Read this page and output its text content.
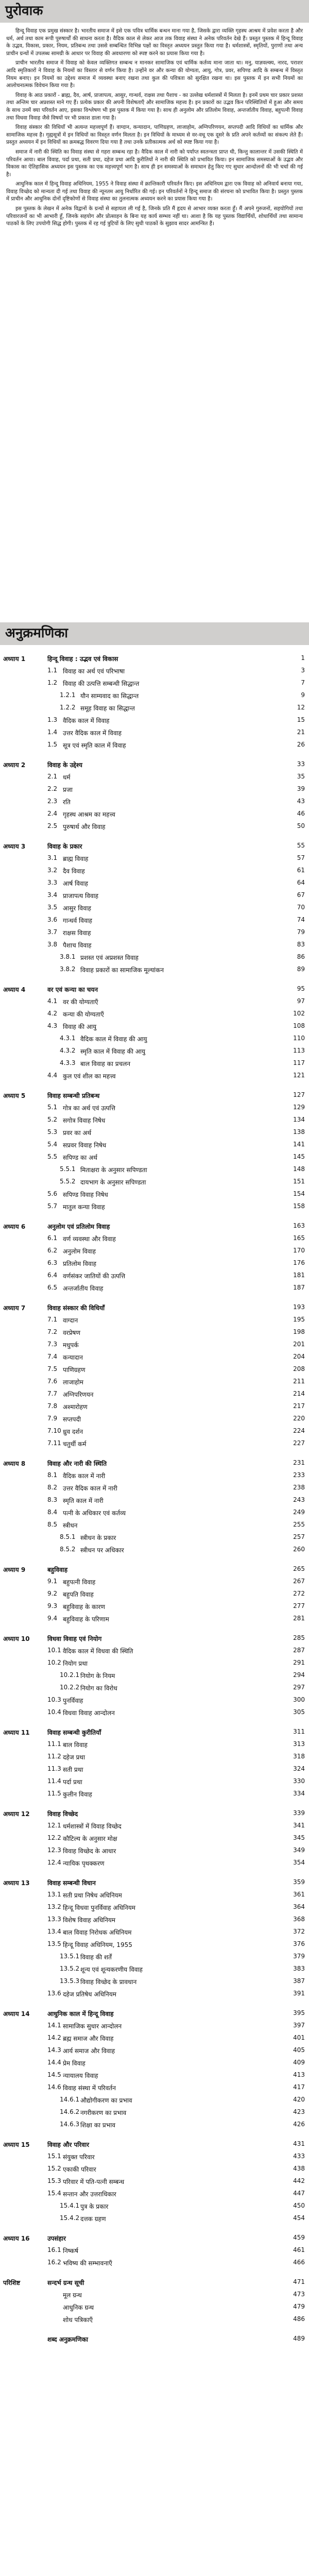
पुरोवाक

हिन्दू विवाह एक प्रमुख संस्कार है। भारतीय समाज में इसे एक पवित्र धार्मिक बन्धन माना गया है, जिसके द्वारा व्यक्ति गृहस्थ आश्रम में प्रवेश करता है और धर्म, अर्थ तथा काम रूपी पुरुषार्थों की साधना करता है। वैदिक काल से लेकर आज तक विवाह संस्था ने अनेक परिवर्तन देखे हैं। प्रस्तुत पुस्तक में हिन्दू विवाह के उद्भव, विकास, प्रकार, नियम, प्रतिबन्ध तथा उससे सम्बन्धित विभिन्न पक्षों का विस्तृत अध्ययन प्रस्तुत किया गया है। धर्मशास्त्रों, स्मृतियों, पुराणों तथा अन्य प्राचीन ग्रन्थों में उपलब्ध सामग्री के आधार पर विवाह की अवधारणा को स्पष्ट करने का प्रयास किया गया है।

प्राचीन भारतीय समाज में विवाह को केवल व्यक्तिगत सम्बन्ध न मानकर सामाजिक एवं धार्मिक कर्तव्य माना जाता था। मनु, याज्ञवल्क्य, नारद, पराशर आदि स्मृतिकारों ने विवाह के नियमों का विस्तार से वर्णन किया है। उन्होंने वर और कन्या की योग्यता, आयु, गोत्र, प्रवर, सपिण्ड आदि के सम्बन्ध में विस्तृत नियम बनाए। इन नियमों का उद्देश्य समाज में व्यवस्था बनाए रखना तथा कुल की पवित्रता को सुरक्षित रखना था। इस पुस्तक में इन सभी नियमों का आलोचनात्मक विवेचन किया गया है।

विवाह के आठ प्रकारों - ब्राह्म, दैव, आर्ष, प्राजापत्य, आसुर, गान्धर्व, राक्षस तथा पैशाच - का उल्लेख धर्मशास्त्रों में मिलता है। इनमें प्रथम चार प्रकार प्रशस्त तथा अन्तिम चार अप्रशस्त माने गए हैं। प्रत्येक प्रकार की अपनी विशेषताएँ और सामाजिक महत्त्व है। इन प्रकारों का उद्भव किन परिस्थितियों में हुआ और समय के साथ उनमें क्या परिवर्तन आए, इसका विश्लेषण भी इस पुस्तक में किया गया है। साथ ही अनुलोम और प्रतिलोम विवाह, अन्तर्जातीय विवाह, बहुपत्नी विवाह तथा विधवा विवाह जैसे विषयों पर भी प्रकाश डाला गया है।

विवाह संस्कार की विधियाँ भी अत्यन्त महत्त्वपूर्ण हैं। वाग्दान, कन्यादान, पाणिग्रहण, लाजाहोम, अग्निपरिणयन, सप्तपदी आदि विधियों का धार्मिक और सामाजिक महत्त्व है। गृह्यसूत्रों में इन विधियों का विस्तृत वर्णन मिलता है। इन विधियों के माध्यम से वर-वधू एक दूसरे के प्रति अपने कर्तव्यों का संकल्प लेते हैं। प्रस्तुत अध्ययन में इन विधियों का क्रमबद्ध विवरण दिया गया है तथा उनके प्रतीकात्मक अर्थ को स्पष्ट किया गया है।

समाज में नारी की स्थिति का विवाह संस्था से गहरा सम्बन्ध रहा है। वैदिक काल में नारी को पर्याप्त स्वतन्त्रता प्राप्त थी, किन्तु कालान्तर में उसकी स्थिति में परिवर्तन आया। बाल विवाह, पर्दा प्रथा, सती प्रथा, दहेज प्रथा आदि कुरीतियों ने नारी की स्थिति को प्रभावित किया। इन सामाजिक समस्याओं के उद्भव और विकास का ऐतिहासिक अध्ययन इस पुस्तक का एक महत्त्वपूर्ण भाग है। साथ ही इन समस्याओं के समाधान हेतु किए गए सुधार आन्दोलनों की भी चर्चा की गई है।

आधुनिक काल में हिन्दू विवाह अधिनियम, 1955 ने विवाह संस्था में क्रान्तिकारी परिवर्तन किए। इस अधिनियम द्वारा एक विवाह को अनिवार्य बनाया गया, विवाह विच्छेद को मान्यता दी गई तथा विवाह की न्यूनतम आयु निर्धारित की गई। इन परिवर्तनों ने हिन्दू समाज की संरचना को प्रभावित किया है। प्रस्तुत पुस्तक में प्राचीन और आधुनिक दोनों दृष्टिकोणों से विवाह संस्था का तुलनात्मक अध्ययन करने का प्रयास किया गया है।

इस पुस्तक के लेखन में अनेक विद्वानों के ग्रन्थों से सहायता ली गई है, जिनके प्रति मैं हृदय से आभार व्यक्त करता हूँ। मैं अपने गुरुजनों, सहयोगियों तथा परिवारजनों का भी आभारी हूँ, जिनके सहयोग और प्रोत्साहन के बिना यह कार्य सम्भव नहीं था। आशा है कि यह पुस्तक विद्यार्थियों, शोधार्थियों तथा सामान्य पाठकों के लिए उपयोगी सिद्ध होगी। पुस्तक में रह गई त्रुटियों के लिए सुधी पाठकों के सुझाव सादर आमन्त्रित हैं।

अनुक्रमणिका
अध्याय 1	हिन्दू विवाह : उद्भव एवं विकास	1
1.1 विवाह का अर्थ एवं परिभाषा	3
1.2 विवाह की उत्पत्ति सम्बन्धी सिद्धान्त	7
1.2.1 यौन साम्यवाद का सिद्धान्त	9
1.2.2 समूह विवाह का सिद्धान्त	12
1.3 वैदिक काल में विवाह	15
1.4 उत्तर वैदिक काल में विवाह	21
1.5 सूत्र एवं स्मृति काल में विवाह	26
अध्याय 2	विवाह के उद्देश्य	33
2.1 धर्म	35
2.2 प्रजा	39
2.3 रति	43
2.4 गृहस्थ आश्रम का महत्त्व	46
2.5 पुरुषार्थ और विवाह	50
अध्याय 3	विवाह के प्रकार	55
3.1 ब्राह्म विवाह	57
3.2 दैव विवाह	61
3.3 आर्ष विवाह	64
3.4 प्राजापत्य विवाह	67
3.5 आसुर विवाह	70
3.6 गान्धर्व विवाह	74
3.7 राक्षस विवाह	79
3.8 पैशाच विवाह	83
3.8.1 प्रशस्त एवं अप्रशस्त विवाह	86
3.8.2 विवाह प्रकारों का सामाजिक मूल्यांकन	89
अध्याय 4	वर एवं कन्या का चयन	95
4.1 वर की योग्यताएँ	97
4.2 कन्या की योग्यताएँ	102
4.3 विवाह की आयु	108
4.3.1 वैदिक काल में विवाह की आयु	110
4.3.2 स्मृति काल में विवाह की आयु	113
4.3.3 बाल विवाह का प्रचलन	117
4.4 कुल एवं शील का महत्त्व	121
अध्याय 5	विवाह सम्बन्धी प्रतिबन्ध	127
5.1 गोत्र का अर्थ एवं उत्पत्ति	129
5.2 सगोत्र विवाह निषेध	134
5.3 प्रवर का अर्थ	138
5.4 सप्रवर विवाह निषेध	141
5.5 सपिण्ड का अर्थ	145
5.5.1 मिताक्षरा के अनुसार सपिण्डता	148
5.5.2 दायभाग के अनुसार सपिण्डता	151
5.6 सपिण्ड विवाह निषेध	154
5.7 मातुल कन्या विवाह	158
अध्याय 6	अनुलोम एवं प्रतिलोम विवाह	163
6.1 वर्ण व्यवस्था और विवाह	165
6.2 अनुलोम विवाह	170
6.3 प्रतिलोम विवाह	176
6.4 वर्णसंकर जातियों की उत्पत्ति	181
6.5 अन्तर्जातीय विवाह	187
अध्याय 7	विवाह संस्कार की विधियाँ	193
7.1 वाग्दान	195
7.2 वरप्रेषण	198
7.3 मधुपर्क	201
7.4 कन्यादान	204
7.5 पाणिग्रहण	208
7.6 लाजाहोम	211
7.7 अग्निपरिणयन	214
7.8 अश्मारोहण	217
7.9 सप्तपदी	220
7.10 ध्रुव दर्शन	224
7.11 चतुर्थी कर्म	227
अध्याय 8	विवाह और नारी की स्थिति	231
8.1 वैदिक काल में नारी	233
8.2 उत्तर वैदिक काल में नारी	238
8.3 स्मृति काल में नारी	243
8.4 पत्नी के अधिकार एवं कर्तव्य	249
8.5 स्त्रीधन	255
8.5.1 स्त्रीधन के प्रकार	257
8.5.2 स्त्रीधन पर अधिकार	260
अध्याय 9	बहुविवाह	265
9.1 बहुपत्नी विवाह	267
9.2 बहुपति विवाह	272
9.3 बहुविवाह के कारण	277
9.4 बहुविवाह के परिणाम	281
अध्याय 10	विधवा विवाह एवं नियोग	285
10.1 वैदिक काल में विधवा की स्थिति	287
10.2 नियोग प्रथा	291
10.2.1 नियोग के नियम	294
10.2.2 नियोग का विरोध	297
10.3 पुनर्विवाह	300
10.4 विधवा विवाह आन्दोलन	305
अध्याय 11	विवाह सम्बन्धी कुरीतियाँ	311
11.1 बाल विवाह	313
11.2 दहेज प्रथा	318
11.3 सती प्रथा	324
11.4 पर्दा प्रथा	330
11.5 कुलीन विवाह	334
अध्याय 12	विवाह विच्छेद	339
12.1 धर्मशास्त्रों में विवाह विच्छेद	341
12.2 कौटिल्य के अनुसार मोक्ष	345
12.3 विवाह विच्छेद के आधार	349
12.4 न्यायिक पृथक्करण	354
अध्याय 13	विवाह सम्बन्धी विधान	359
13.1 सती प्रथा निषेध अधिनियम	361
13.2 हिन्दू विधवा पुनर्विवाह अधिनियम	364
13.3 विशेष विवाह अधिनियम	368
13.4 बाल विवाह निरोधक अधिनियम	372
13.5 हिन्दू विवाह अधिनियम, 1955	376
13.5.1 विवाह की शर्तें	379
13.5.2 शून्य एवं शून्यकरणीय विवाह	383
13.5.3 विवाह विच्छेद के प्रावधान	387
13.6 दहेज प्रतिषेध अधिनियम	391
अध्याय 14	आधुनिक काल में हिन्दू विवाह	395
14.1 सामाजिक सुधार आन्दोलन	397
14.2 ब्रह्म समाज और विवाह	401
14.3 आर्य समाज और विवाह	405
14.4 प्रेम विवाह	409
14.5 न्यायालय विवाह	413
14.6 विवाह संस्था में परिवर्तन	417
14.6.1 औद्योगीकरण का प्रभाव	420
14.6.2 नगरीकरण का प्रभाव	423
14.6.3 शिक्षा का प्रभाव	426
अध्याय 15	विवाह और परिवार	431
15.1 संयुक्त परिवार	433
15.2 एकाकी परिवार	438
15.3 परिवार में पति-पत्नी सम्बन्ध	442
15.4 सन्तान और उत्तराधिकार	447
15.4.1 पुत्र के प्रकार	450
15.4.2 दत्तक ग्रहण	454
अध्याय 16	उपसंहार	459
16.1 निष्कर्ष	461
16.2 भविष्य की सम्भावनाएँ	466
परिशिष्ट	सन्दर्भ ग्रन्थ सूची	471
मूल ग्रन्थ	473
आधुनिक ग्रन्थ	479
शोध पत्रिकाएँ	486
शब्द अनुक्रमणिका	489
